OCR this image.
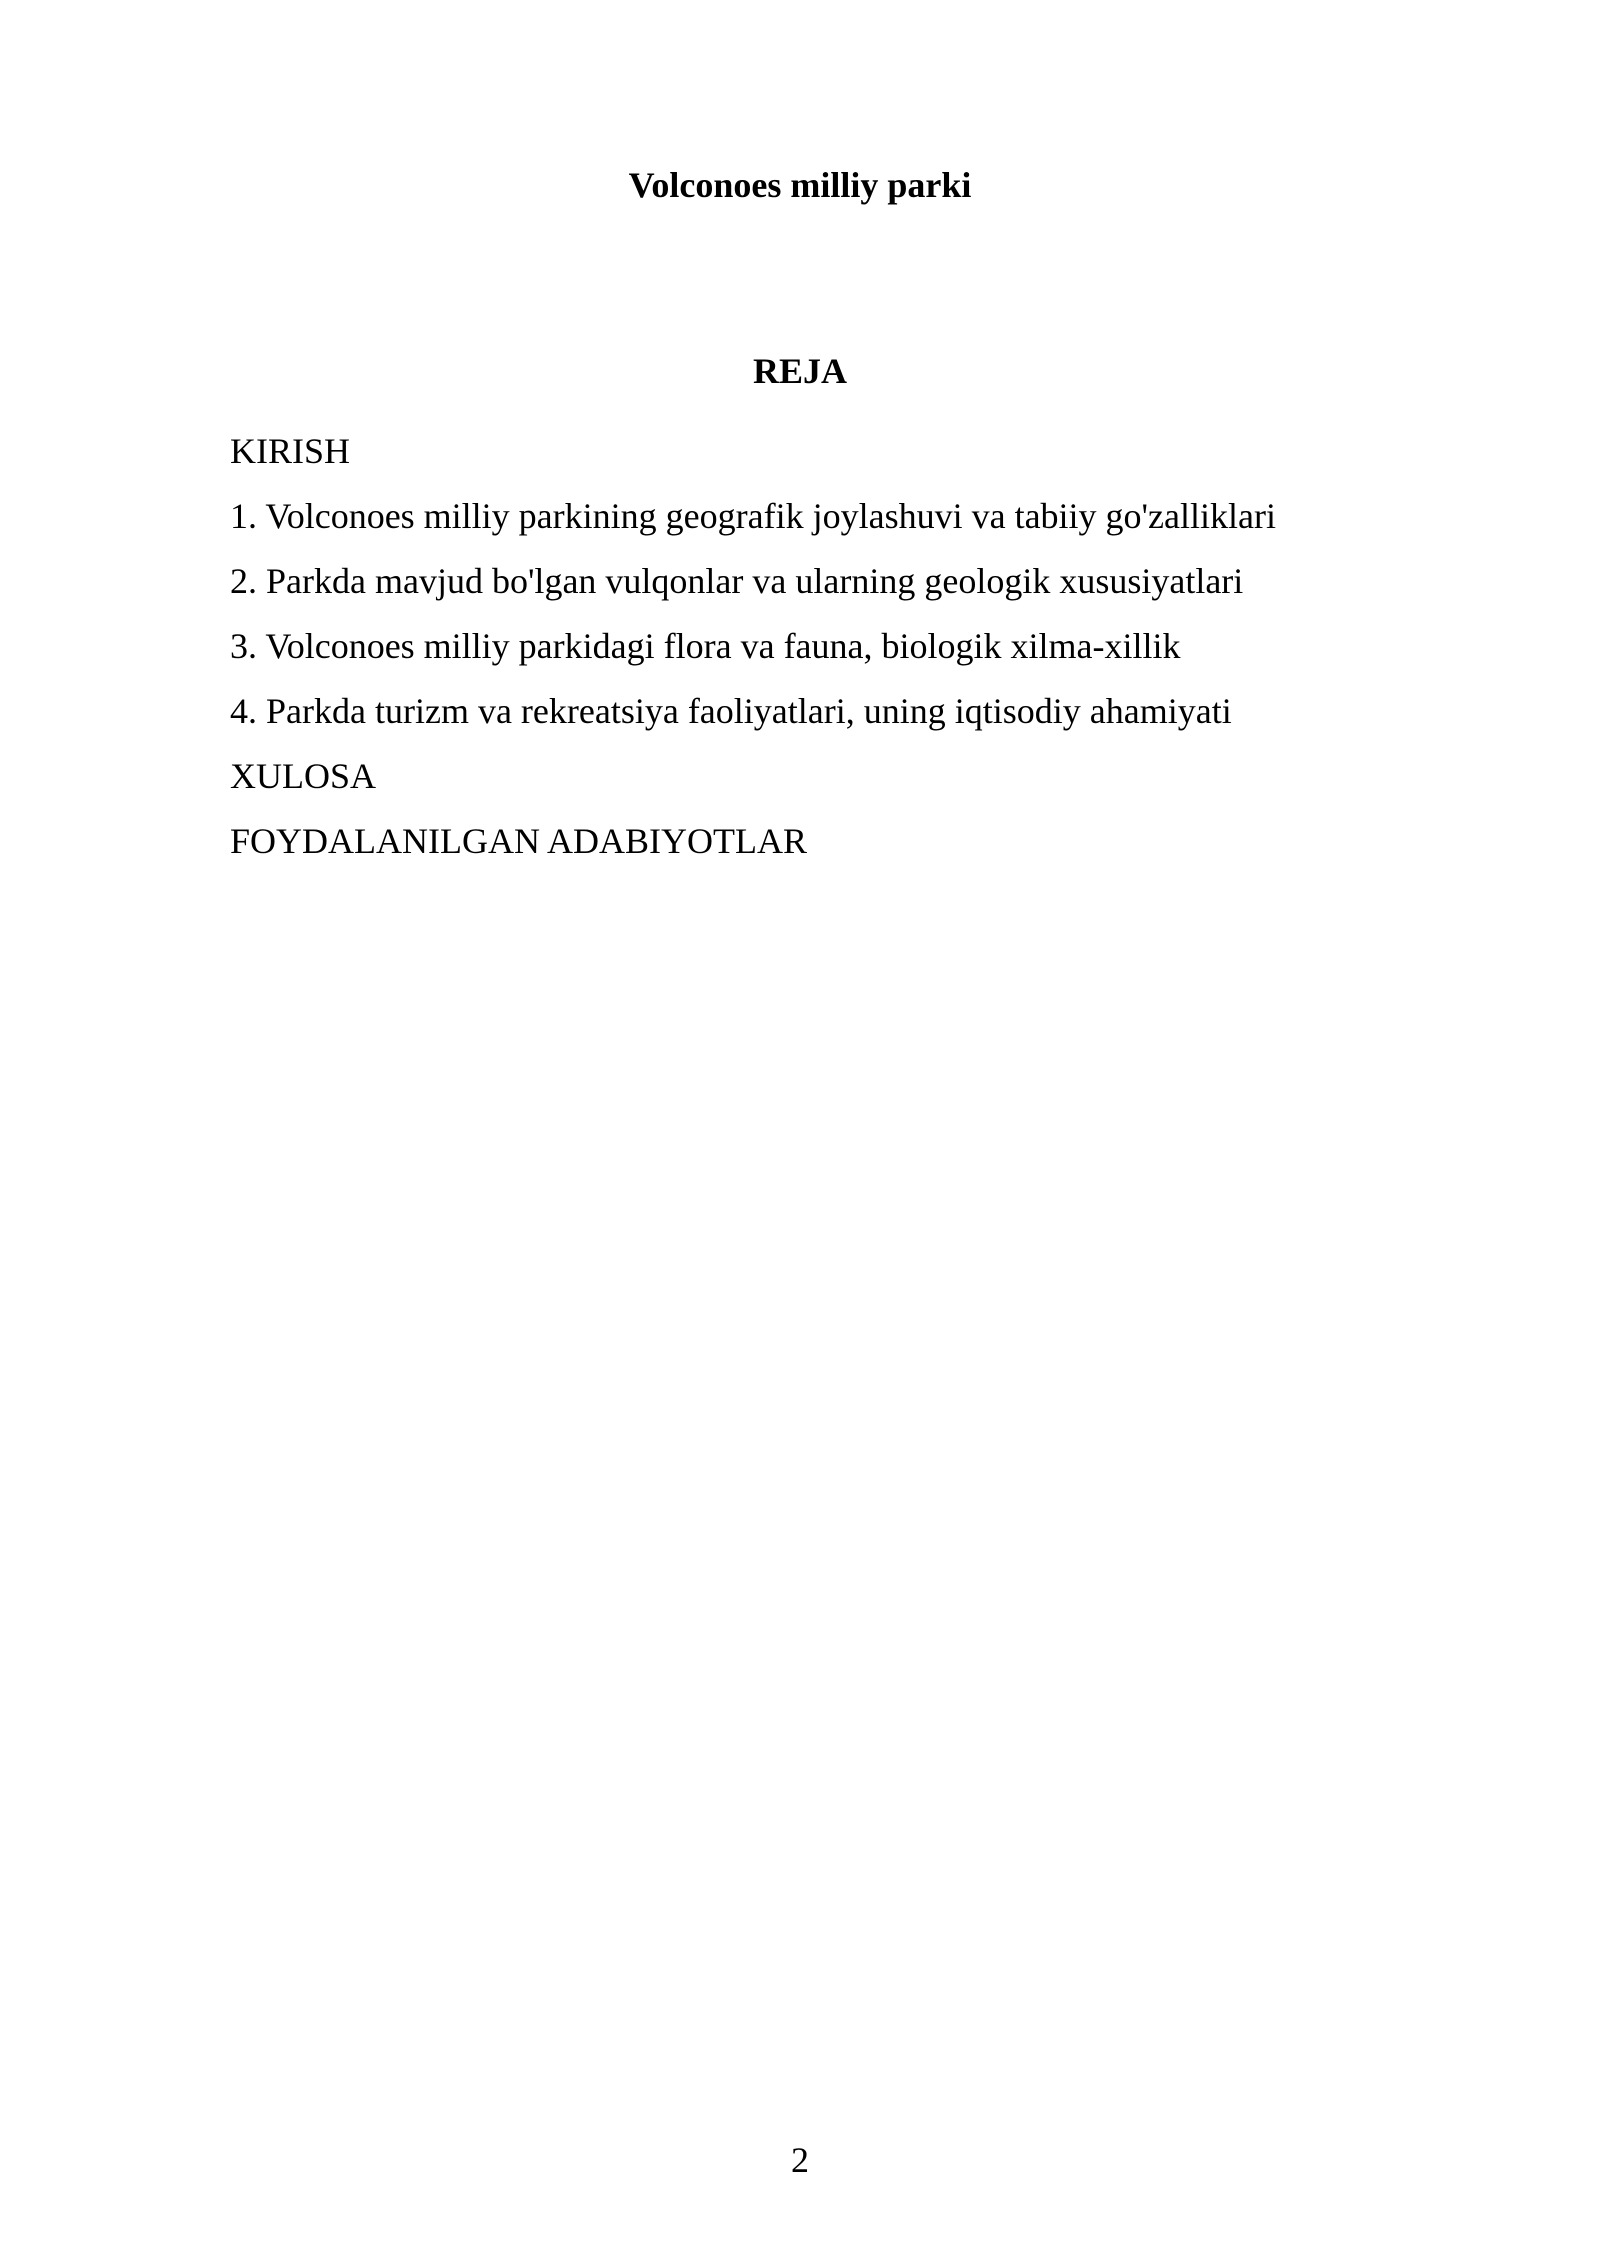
Volconoes milliy parki
REJA
KIRISH
1. Volconoes milliy parkining geografik joylashuvi va tabiiy go'zalliklari
2. Parkda mavjud bo'lgan vulqonlar va ularning geologik xususiyatlari
3. Volconoes milliy parkidagi flora va fauna, biologik xilma-xillik
4. Parkda turizm va rekreatsiya faoliyatlari, uning iqtisodiy ahamiyati
XULOSA
FOYDALANILGAN ADABIYOTLAR
2
